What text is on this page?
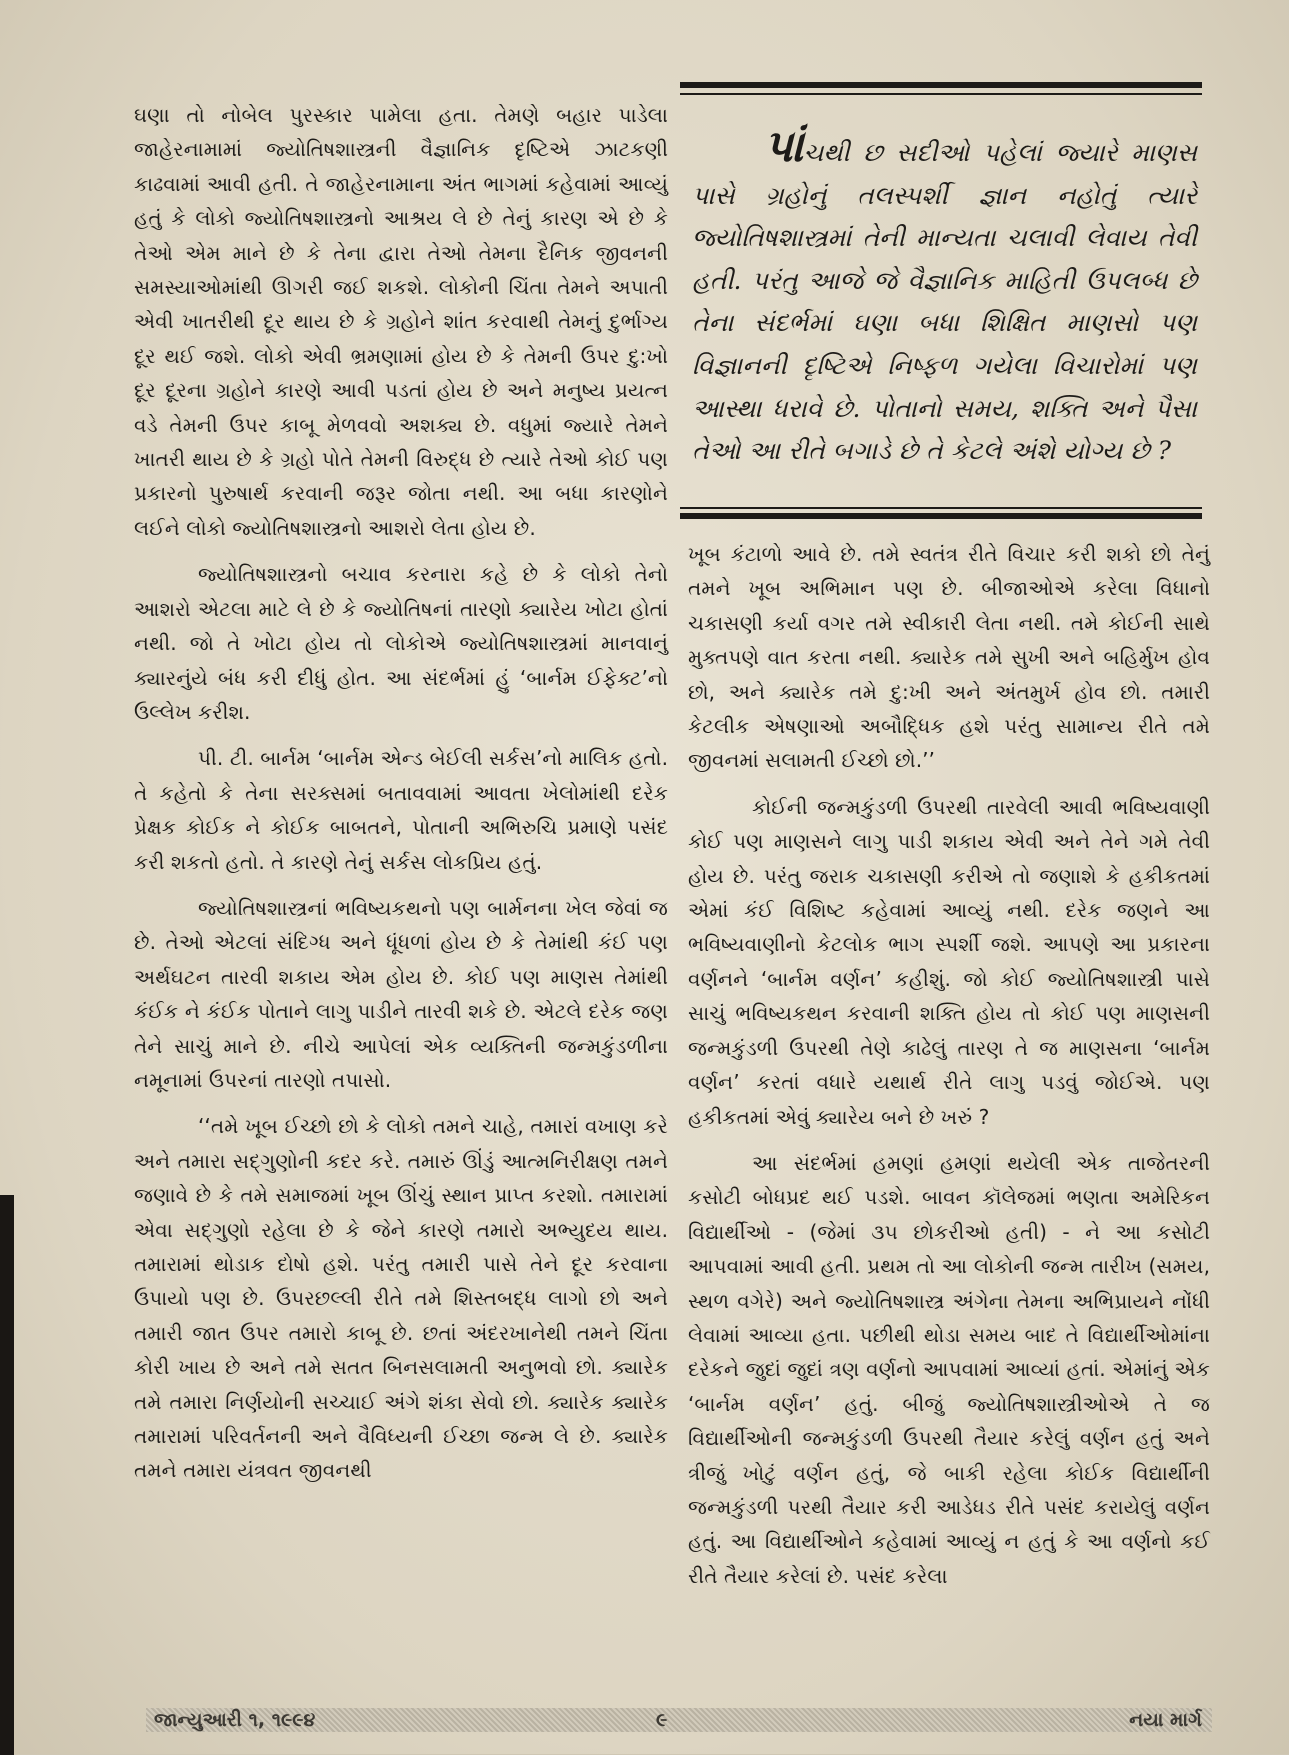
ઘણા તો નોબેલ પુરસ્કાર પામેલા હતા. તેમણે બહાર પાડેલા જાહેરનામામાં જ્યોતિષશાસ્ત્રની વૈજ્ઞાનિક દૃષ્ટિએ ઝાટકણી કાઢવામાં આવી હતી. તે જાહેરનામાના અંત ભાગમાં કહેવામાં આવ્યું હતું કે લોકો જ્યોતિષશાસ્ત્રનો આશ્રય લે છે તેનું કારણ એ છે કે તેઓ એમ માને છે કે તેના દ્વારા તેઓ તેમના દૈનિક જીવનની સમસ્યાઓમાંથી ઊગરી જઈ શકશે. લોકોની ચિંતા તેમને અપાતી એવી ખાતરીથી દૂર થાય છે કે ગ્રહોને શાંત કરવાથી તેમનું દુર્ભાગ્ય દૂર થઈ જશે. લોકો એવી ભ્રમણામાં હોય છે કે તેમની ઉપર દુ:ખો દૂર દૂરના ગ્રહોને કારણે આવી પડતાં હોય છે અને મનુષ્ય પ્રયત્ન વડે તેમની ઉપર કાબૂ મેળવવો અશક્ય છે. વધુમાં જ્યારે તેમને ખાતરી થાય છે કે ગ્રહો પોતે તેમની વિરુદ્ધ છે ત્યારે તેઓ કોઈ પણ પ્રકારનો પુરુષાર્થ કરવાની જરૂર જોતા નથી. આ બધા કારણોને લઈને લોકો જ્યોતિષશાસ્ત્રનો આશરો લેતા હોય છે.

જ્યોતિષશાસ્ત્રનો બચાવ કરનારા કહે છે કે લોકો તેનો આશરો એટલા માટે લે છે કે જ્યોતિષનાં તારણો ક્યારેય ખોટા હોતાં નથી. જો તે ખોટા હોય તો લોકોએ જ્યોતિષશાસ્ત્રમાં માનવાનું ક્યારનુંયે બંધ કરી દીધું હોત. આ સંદર્ભમાં હું ‘બાર્નમ ઈફેક્ટ’નો ઉલ્લેખ કરીશ.

પી. ટી. બાર્નમ ‘બાર્નમ એન્ડ બેઈલી સર્કસ’નો માલિક હતો. તે કહેતો કે તેના સરક્સમાં બતાવવામાં આવતા ખેલોમાંથી દરેક પ્રેક્ષક કોઈક ને કોઈક બાબતને, પોતાની અભિરુચિ પ્રમાણે પસંદ કરી શકતો હતો. તે કારણે તેનું સર્કસ લોકપ્રિય હતું.

જ્યોતિષશાસ્ત્રનાં ભવિષ્યકથનો પણ બાર્મનના ખેલ જેવાં જ છે. તેઓ એટલાં સંદિગ્ધ અને ધૂંધળાં હોય છે કે તેમાંથી કંઈ પણ અર્થઘટન તારવી શકાય એમ હોય છે. કોઈ પણ માણસ તેમાંથી કંઈક ને કંઈક પોતાને લાગુ પાડીને તારવી શકે છે. એટલે દરેક જણ તેને સાચું માને છે. નીચે આપેલાં એક વ્યક્તિની જન્મકુંડળીના નમૂનામાં ઉપરનાં તારણો તપાસો.

‘‘તમે ખૂબ ઈચ્છો છો કે લોકો તમને ચાહે, તમારાં વખાણ કરે અને તમારા સદ્ગુણોની કદર કરે. તમારું ઊંડું આત્મનિરીક્ષણ તમને જણાવે છે કે તમે સમાજમાં ખૂબ ઊંચું સ્થાન પ્રાપ્ત કરશો. તમારામાં એવા સદ્ગુણો રહેલા છે કે જેને કારણે તમારો અભ્યુદય થાય. તમારામાં થોડાક દોષો હશે. પરંતુ તમારી પાસે તેને દૂર કરવાના ઉપાયો પણ છે. ઉપરછલ્લી રીતે તમે શિસ્તબદ્ધ લાગો છો અને તમારી જાત ઉપર તમારો કાબૂ છે. છતાં અંદરખાનેથી તમને ચિંતા કોરી ખાય છે અને તમે સતત બિનસલામતી અનુભવો છો. ક્યારેક તમે તમારા નિર્ણયોની સચ્ચાઈ અંગે શંકા સેવો છો. ક્યારેક ક્યારેક તમારામાં પરિવર્તનની અને વૈવિધ્યની ઈચ્છા જન્મ લે છે. ક્યારેક તમને તમારા યંત્રવત જીવનથી

પાંચથી છ સદીઓ પહેલાં જ્યારે માણસ પાસે ગ્રહોનું તલસ્પર્શી જ્ઞાન નહોતું ત્યારે જ્યોતિષશાસ્ત્રમાં તેની માન્યતા ચલાવી લેવાય તેવી હતી. પરંતુ આજે જે વૈજ્ઞાનિક માહિતી ઉપલબ્ધ છે તેના સંદર્ભમાં ઘણા બધા શિક્ષિત માણસો પણ વિજ્ઞાનની દૃષ્ટિએ નિષ્ફળ ગયેલા વિચારોમાં પણ આસ્થા ધરાવે છે. પોતાનો સમય, શક્તિ અને પૈસા તેઓ આ રીતે બગાડે છે તે કેટલે અંશે યોગ્ય છે ?

ખૂબ કંટાળો આવે છે. તમે સ્વતંત્ર રીતે વિચાર કરી શકો છો તેનું તમને ખૂબ અભિમાન પણ છે. બીજાઓએ કરેલા વિધાનો ચકાસણી કર્યા વગર તમે સ્વીકારી લેતા નથી. તમે કોઈની સાથે મુક્તપણે વાત કરતા નથી. ક્યારેક તમે સુખી અને બહિર્મુખ હોવ છો, અને ક્યારેક તમે દુ:ખી અને અંતમુર્ખ હોવ છો. તમારી કેટલીક એષણાઓ અબૌદ્ધિક હશે પરંતુ સામાન્ય રીતે તમે જીવનમાં સલામતી ઈચ્છો છો.’’

કોઈની જન્મકુંડળી ઉપરથી તારવેલી આવી ભવિષ્યવાણી કોઈ પણ માણસને લાગુ પાડી શકાય એવી અને તેને ગમે તેવી હોય છે. પરંતુ જરાક ચકાસણી કરીએ તો જણાશે કે હકીકતમાં એમાં કંઈ વિશિષ્ટ કહેવામાં આવ્યું નથી. દરેક જણને આ ભવિષ્યવાણીનો કેટલોક ભાગ સ્પર્શી જશે. આપણે આ પ્રકારના વર્ણનને ‘બાર્નમ વર્ણન’ કહીશું. જો કોઈ જ્યોતિષશાસ્ત્રી પાસે સાચું ભવિષ્યકથન કરવાની શક્તિ હોય તો કોઈ પણ માણસની જન્મકુંડળી ઉપરથી તેણે કાઢેલું તારણ તે જ માણસના ‘બાર્નમ વર્ણન’ કરતાં વધારે યથાર્થ રીતે લાગુ પડવું જોઈએ. પણ હકીકતમાં એવું ક્યારેય બને છે ખરું ?

આ સંદર્ભમાં હમણાં હમણાં થયેલી એક તાજેતરની કસોટી બોધપ્રદ થઈ પડશે. બાવન કૉલેજમાં ભણતા અમેરિકન વિદ્યાર્થીઓ - (જેમાં ૩૫ છોકરીઓ હતી) - ને આ કસોટી આપવામાં આવી હતી. પ્રથમ તો આ લોકોની જન્મ તારીખ (સમય, સ્થળ વગેરે) અને જ્યોતિષશાસ્ત્ર અંગેના તેમના અભિપ્રાયને નોંધી લેવામાં આવ્યા હતા. પછીથી થોડા સમય બાદ તે વિદ્યાર્થીઓમાંના દરેકને જુદાં જુદાં ત્રણ વર્ણનો આપવામાં આવ્યાં હતાં. એમાંનું એક ‘બાર્નમ વર્ણન’ હતું. બીજું જ્યોતિષશાસ્ત્રીઓએ તે જ વિદ્યાર્થીઓની જન્મકુંડળી ઉપરથી તૈયાર કરેલું વર્ણન હતું અને ત્રીજું ખોટું વર્ણન હતું, જે બાકી રહેલા કોઈક વિદ્યાર્થીની જન્મકુંડળી પરથી તૈયાર કરી આડેધડ રીતે પસંદ કરાયેલું વર્ણન હતું. આ વિદ્યાર્થીઓને કહેવામાં આવ્યું ન હતું કે આ વર્ણનો કઈ રીતે તૈયાર કરેલાં છે. પસંદ કરેલા

જાન્યુઆરી ૧, ૧૯૯૪	૯	નયા માર્ગ
